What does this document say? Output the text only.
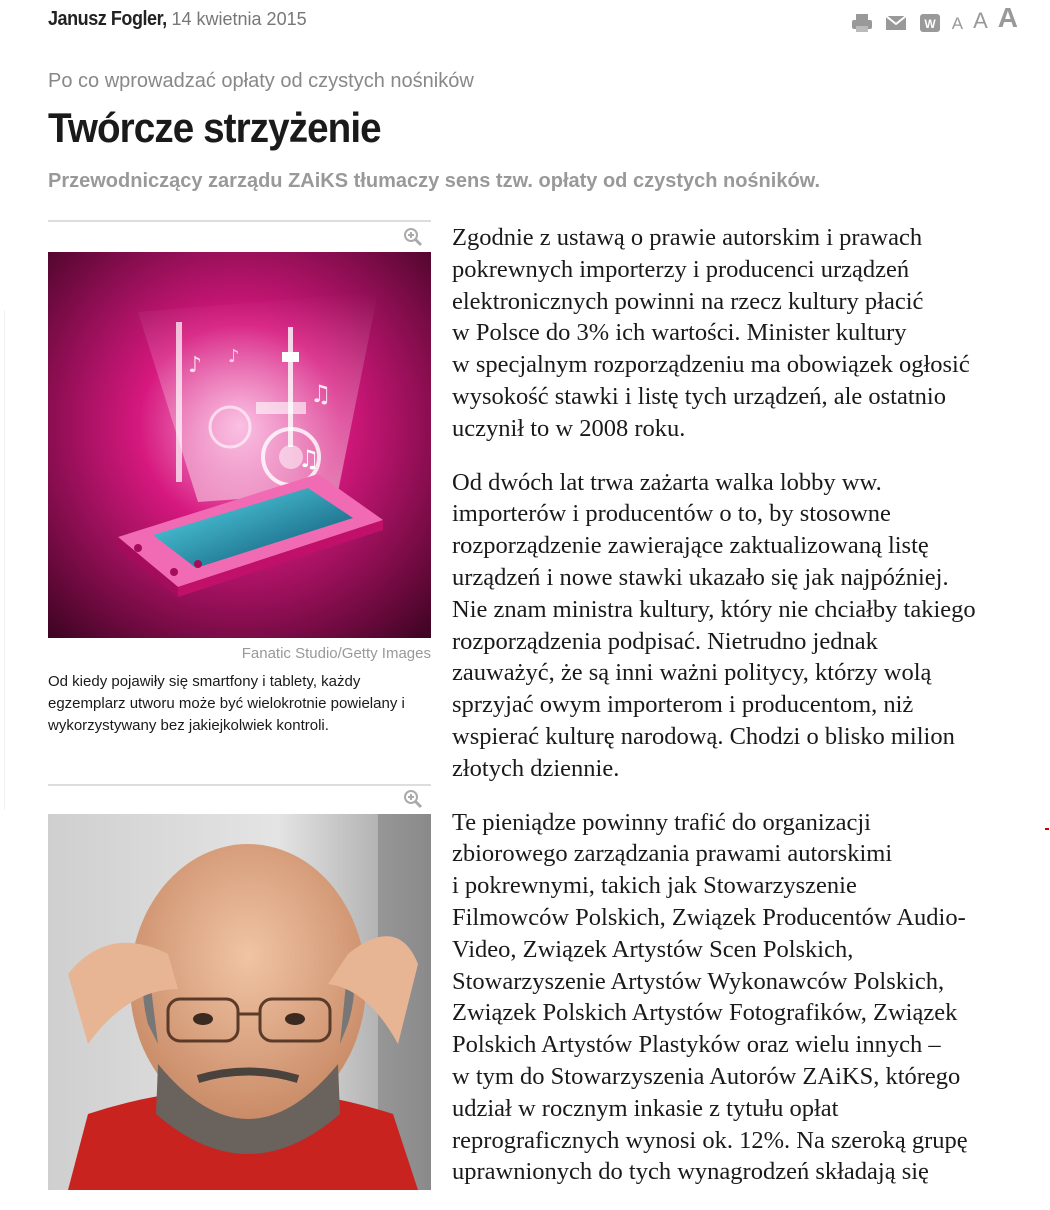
Janusz Fogler, 14 kwietnia 2015	W A A A
Po co wprowadzać opłaty od czystych nośników
Twórcze strzyżenie
Przewodniczący zarządu ZAiKS tłumaczy sens tzw. opłaty od czystych nośników.
♪
♫
♫
♪
Fanatic Studio/Getty Images
Od kiedy pojawiły się smartfony i tablety, każdy egzemplarz utworu może być wielokrotnie powielany i wykorzystywany bez jakiejkolwiek kontroli.

Zgodnie z ustawą o prawie autorskim i prawach
pokrewnych importerzy i producenci urządzeń
elektronicznych powinni na rzecz kultury płacić
w Polsce do 3% ich wartości. Minister kultury
w specjalnym rozporządzeniu ma obowiązek ogłosić
wysokość stawki i listę tych urządzeń, ale ostatnio
uczynił to w 2008 roku.

Od dwóch lat trwa zażarta walka lobby ww.
importerów i producentów o to, by stosowne
rozporządzenie zawierające zaktualizowaną listę
urządzeń i nowe stawki ukazało się jak najpóźniej.
Nie znam ministra kultury, który nie chciałby takiego
rozporządzenia podpisać. Nietrudno jednak
zauważyć, że są inni ważni politycy, którzy wolą
sprzyjać owym importerom i producentom, niż
wspierać kulturę narodową. Chodzi o blisko milion
złotych dziennie.

Te pieniądze powinny trafić do organizacji
zbiorowego zarządzania prawami autorskimi
i pokrewnymi, takich jak Stowarzyszenie
Filmowców Polskich, Związek Producentów Audio-
Video, Związek Artystów Scen Polskich,
Stowarzyszenie Artystów Wykonawców Polskich,
Związek Polskich Artystów Fotografików, Związek
Polskich Artystów Plastyków oraz wielu innych –
w tym do Stowarzyszenia Autorów ZAiKS, którego
udział w rocznym inkasie z tytułu opłat
reprograficznych wynosi ok. 12%. Na szeroką grupę
uprawnionych do tych wynagrodzeń składają się
